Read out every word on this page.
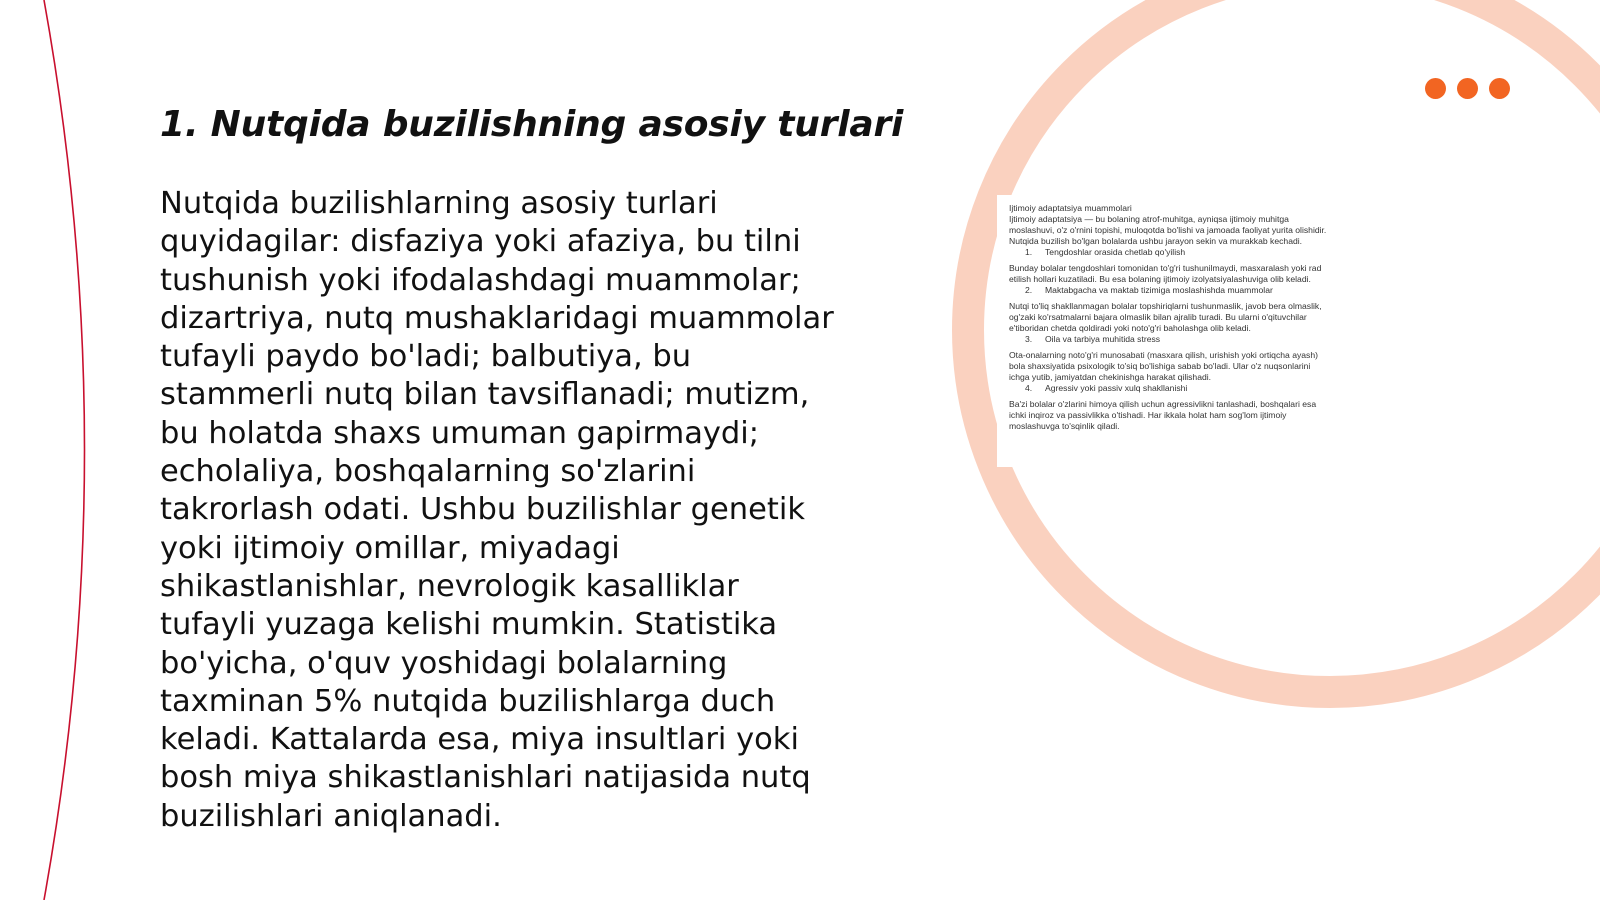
1. Nutqida buzilishning asosiy turlari

Nutqida buzilishlarning asosiy turlari quyidagilar: disfaziya yoki afaziya, bu tilni tushunish yoki ifodalashdagi muammolar; dizartriya, nutq mushaklaridagi muammolar tufayli paydo bo'ladi; balbutiya, bu stammerli nutq bilan tavsiflanadi; mutizm, bu holatda shaxs umuman gapirmaydi; echolaliya, boshqalarning so'zlarini takrorlash odati. Ushbu buzilishlar genetik yoki ijtimoiy omillar, miyadagi shikastlanishlar, nevrologik kasalliklar tufayli yuzaga kelishi mumkin. Statistika bo'yicha, o'quv yoshidagi bolalarning taxminan 5% nutqida buzilishlarga duch keladi. Kattalarda esa, miya insultlari yoki bosh miya shikastlanishlari natijasida nutq buzilishlari aniqlanadi.

Ijtimoiy adaptatsiya muammolari

Ijtimoiy adaptatsiya — bu bolaning atrof-muhitga, ayniqsa ijtimoiy muhitga

moslashuvi, o'z o'rnini topishi, muloqotda bo'lishi va jamoada faoliyat yurita olishidir.

Nutqida buzilish bo'lgan bolalarda ushbu jarayon sekin va murakkab kechadi.

1. Tengdoshlar orasida chetlab qo'yilish

Bunday bolalar tengdoshlari tomonidan to'g'ri tushunilmaydi, masxaralash yoki rad

etilish hollari kuzatiladi. Bu esa bolaning ijtimoiy izolyatsiyalashuviga olib keladi.

2. Maktabgacha va maktab tizimiga moslashishda muammolar

Nutqi to'liq shakllanmagan bolalar topshiriqlarni tushunmaslik, javob bera olmaslik,

og'zaki ko'rsatmalarni bajara olmaslik bilan ajralib turadi. Bu ularni o'qituvchilar

e'tiboridan chetda qoldiradi yoki noto'g'ri baholashga olib keladi.

3. Oila va tarbiya muhitida stress

Ota-onalarning noto'g'ri munosabati (masxara qilish, urishish yoki ortiqcha ayash)

bola shaxsiyatida psixologik to'siq bo'lishiga sabab bo'ladi. Ular o'z nuqsonlarini

ichga yutib, jamiyatdan chekinishga harakat qilishadi.

4. Agressiv yoki passiv xulq shakllanishi

Ba'zi bolalar o'zlarini himoya qilish uchun agressivlikni tanlashadi, boshqalari esa

ichki inqiroz va passivlikka o'tishadi. Har ikkala holat ham sog'lom ijtimoiy

moslashuvga to'sqinlik qiladi.
